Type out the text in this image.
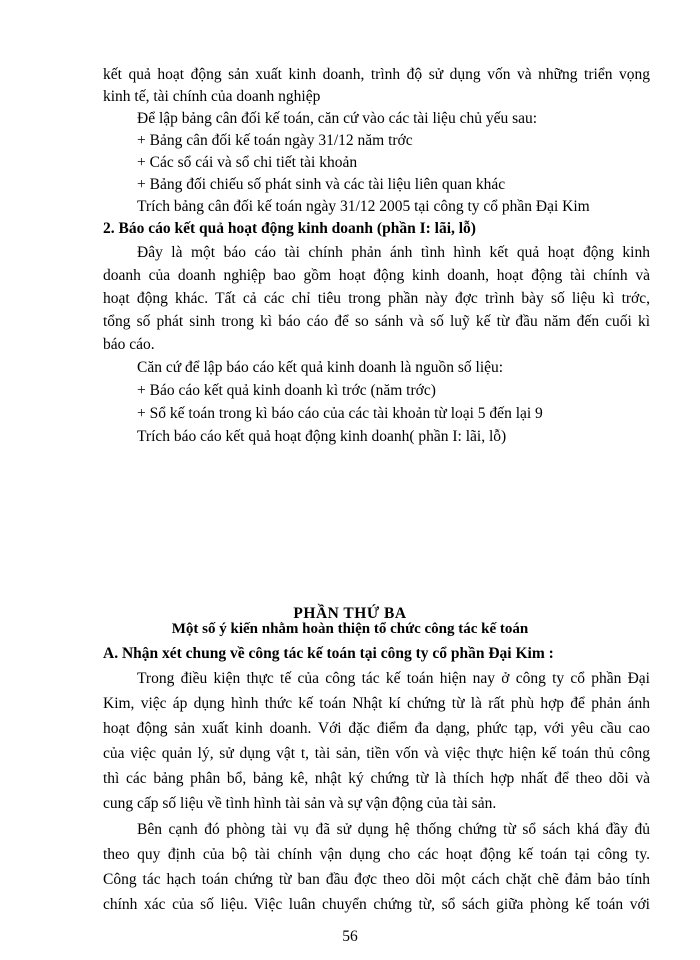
kết quả hoạt động sản xuất kinh doanh, trình độ sử dụng vốn và những triển vọng
kinh tế, tài chính của doanh nghiệp
Để lập bảng cân đối kế toán, căn cứ vào các tài liệu chủ yếu sau:
+ Bảng cân đối kế toán ngày 31/12 năm trớc
+ Các sổ cái và sổ chi tiết tài khoản
+ Bảng đối chiếu số phát sinh và các tài liệu liên quan khác
Trích bảng cân đối kế toán ngày 31/12 2005 tại công ty cổ phần Đại Kim
2. Báo cáo kết quả hoạt động kinh doanh (phần I: lãi, lỗ)
Đây là một báo cáo tài chính phản ánh tình hình kết quả hoạt động kinh
doanh của doanh nghiệp bao gồm hoạt động kinh doanh, hoạt động tài chính và
hoạt động khác. Tất cả các chỉ tiêu trong phần này đợc trình bày số liệu kì trớc,
tổng số phát sinh trong kì báo cáo để so sánh và số luỹ kế từ đầu năm đến cuối kì
báo cáo.
Căn cứ để lập báo cáo kết quả kinh doanh là nguồn số liệu:
+ Báo cáo kết quả kinh doanh kì trớc (năm trớc)
+ Sổ kế toán trong kì báo cáo của các tài khoản từ loại 5 đến lại 9
Trích báo cáo kết quả hoạt động kinh doanh( phần I: lãi, lỗ)
PHẦN THỨ BA
Một số ý kiến nhằm hoàn thiện tổ chức công tác kế toán
A. Nhận xét chung về công tác kế toán tại công ty cổ phần Đại Kim :
Trong điều kiện thực tế của công tác kế toán hiện nay ở công ty cổ phần Đại
Kim, việc áp dụng hình thức kế toán Nhật kí chứng từ là rất phù hợp để phản ánh
hoạt động sản xuất kinh doanh. Với đặc điểm đa dạng, phức tạp, với yêu cầu cao
của việc quản lý, sử dụng vật t, tài sản, tiền vốn và việc thực hiện kế toán thủ công
thì các bảng phân bổ, bảng kê, nhật ký chứng từ là thích hợp nhất để theo dõi và
cung cấp số liệu về tình hình tài sản và sự vận động của tài sản.
Bên cạnh đó phòng tài vụ đã sử dụng hệ thống chứng từ sổ sách khá đầy đủ
theo quy định của bộ tài chính vận dụng cho các hoạt động kế toán tại công ty.
Công tác hạch toán chứng từ ban đầu đợc theo dõi một cách chặt chẽ đảm bảo tính
chính xác của số liệu. Việc luân chuyển chứng từ, sổ sách giữa phòng kế toán với
56
